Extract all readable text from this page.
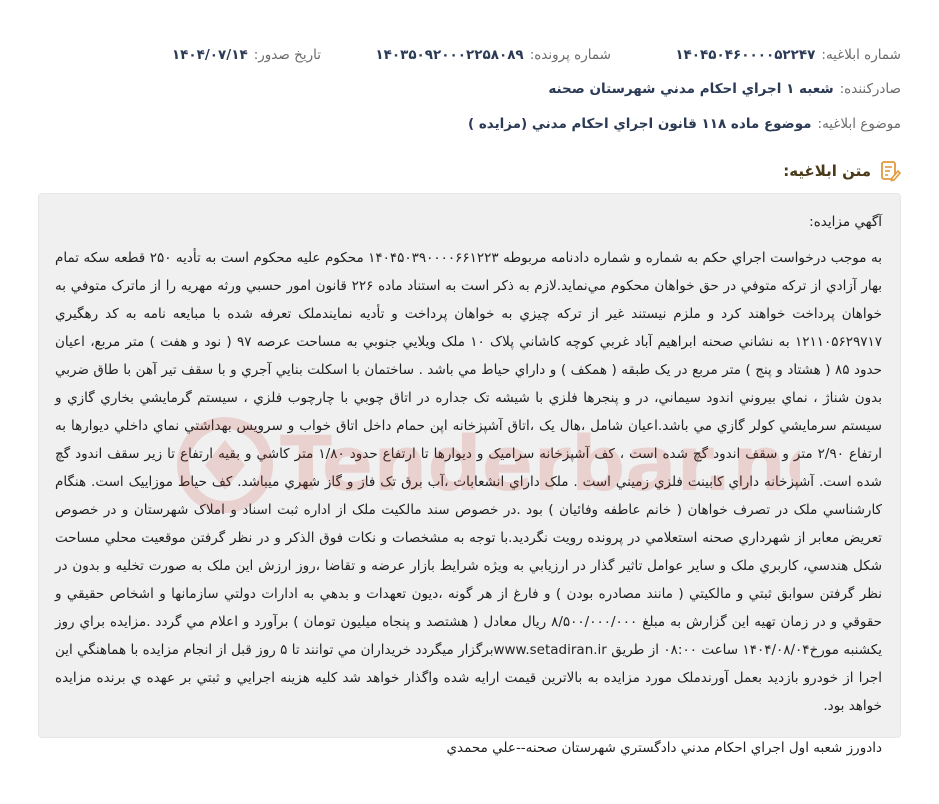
شماره ابلاغيه:۱۴۰۴۵۰۴۶۰۰۰۰۵۲۲۴۷
شماره پرونده:۱۴۰۳۵۰۹۲۰۰۰۲۲۵۸۰۸۹
تاريخ صدور:۱۴۰۴/۰۷/۱۴
صادرکننده:شعبه ۱ اجراي احکام مدني شهرستان صحنه
موضوع ابلاغيه:موضوع ماده ۱۱۸ قانون اجراي احکام مدني (مزايده )
متن ابلاغيه:

آگهي مزايده:

به موجب درخواست اجراي حکم به شماره و شماره دادنامه مربوطه ۱۴۰۴۵۰۳۹۰۰۰۰۶۶۱۲۲۳ محکوم عليه محکوم است به تأديه ۲۵۰ قطعه سکه تمام بهار آزادي از ترکه متوفي در حق خواهان محکوم مي‌نمايد.لازم به ذکر است به استناد ماده ۲۲۶ قانون امور حسبي ورثه مهريه را از ماترک متوفي به خواهان پرداخت خواهند کرد و ملزم نيستند غير از ترکه چيزي به خواهان پرداخت و تأديه نمايندملک تعرفه شده با مبايعه نامه به کد رهگيري ۱۲۱۱۰۵۶۲۹۷۱۷ به نشاني صحنه ابراهيم آباد غربي کوچه کاشاني پلاک ۱۰ ملک ويلايي جنوبي به مساحت عرصه ۹۷ ( نود و هفت ) متر مربع، اعيان حدود ۸۵ ( هشتاد و پنج ) متر مربع در يک طبقه ( همکف ) و داراي حياط مي باشد . ساختمان با اسکلت بنايي آجري و با سقف تير آهن با طاق ضربي بدون شناژ ، نماي بيروني اندود سيماني، در و پنجرها فلزي با شيشه تک جداره در اتاق چوبي با چارچوب فلزي ، سيستم گرمايشي بخاري گازي و سيستم سرمايشي کولر گازي مي باشد.اعيان شامل ،هال يک ،اتاق آشپزخانه اپن حمام داخل اتاق خواب و سرويس بهداشتي نماي داخلي ديوارها به ارتفاع ۲/۹۰ متر و سقف اندود گچ شده است ، کف آشپزخانه سراميک و ديوارها تا ارتفاع حدود ۱/۸۰ متر کاشي و بقيه ارتفاع تا زير سقف اندود گچ شده است. آشپزخانه داراي کابينت فلزي زميني است . ملک داراي انشعابات ،آب برق تک فاز و گاز شهري ميباشد. کف حياط موزاييک است. هنگام کارشناسي ملک در تصرف خواهان ( خانم عاطفه وفائيان ) بود .در خصوص سند مالکيت ملک از اداره ثبت اسناد و املاک شهرستان و در خصوص تعريض معابر از شهرداري صحنه استعلامي در پرونده رويت نگرديد.با توجه به مشخصات و نکات فوق الذکر و در نظر گرفتن موقعيت محلي مساحت شکل هندسي، کاربري ملک و ساير عوامل تاثير گذار در ارزيابي به ويژه شرايط بازار عرضه و تقاضا ،روز ارزش اين ملک به صورت تخليه و بدون در نظر گرفتن سوابق ثبتي و مالکيتي ( مانند مصادره بودن ) و فارغ از هر گونه ،ديون تعهدات و بدهي به ادارات دولتي سازمانها و اشخاص حقيقي و حقوقي و در زمان تهيه اين گزارش به مبلغ ۸/۵۰۰/۰۰۰/۰۰۰ ريال معادل ( هشتصد و پنجاه ميليون تومان ) برآورد و اعلام مي گردد .مزايده براي روز يکشنبه مورخ۱۴۰۴/۰۸/۰۴ ساعت ۰۸:۰۰ از طريق www.setadiran.irبرگزار ميگردد خريداران مي توانند تا ۵ روز قبل از انجام مزايده با هماهنگي اين اجرا از خودرو بازديد بعمل آورندملک مورد مزايده به بالاترين قيمت ارايه شده واگذار خواهد شد کليه هزينه اجرايي و ثبتي بر عهده ي برنده مزايده خواهد بود.

دادورز شعبه اول اجراي احکام مدني دادگستري شهرستان صحنه--علي محمدي
